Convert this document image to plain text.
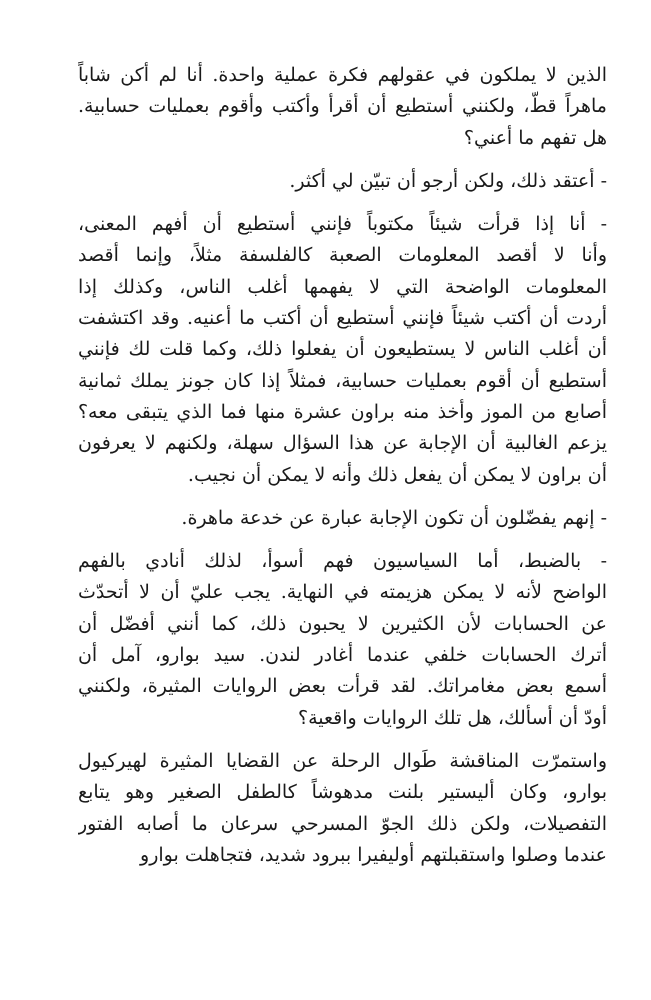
الذين لا يملكون في عقولهم فكرة عملية واحدة. أنا لم أكن شاباً
ماهراً قطّ، ولكنني أستطيع أن أقرأ وأكتب وأقوم بعمليات حسابية.
هل تفهم ما أعني؟
- أعتقد ذلك، ولكن أرجو أن تبيّن لي أكثر.
- أنا إذا قرأت شيئاً مكتوباً فإنني أستطيع أن أفهم المعنى،
وأنا لا أقصد المعلومات الصعبة كالفلسفة مثلاً، وإنما أقصد
المعلومات الواضحة التي لا يفهمها أغلب الناس، وكذلك إذا
أردت أن أكتب شيئاً فإنني أستطيع أن أكتب ما أعنيه. وقد اكتشفت
أن أغلب الناس لا يستطيعون أن يفعلوا ذلك، وكما قلت لك فإنني
أستطيع أن أقوم بعمليات حسابية، فمثلاً إذا كان جونز يملك ثمانية
أصابع من الموز وأخذ منه براون عشرة منها فما الذي يتبقى معه؟
يزعم الغالبية أن الإجابة عن هذا السؤال سهلة، ولكنهم لا يعرفون
أن براون لا يمكن أن يفعل ذلك وأنه لا يمكن أن نجيب.
- إنهم يفضّلون أن تكون الإجابة عبارة عن خدعة ماهرة.
- بالضبط، أما السياسيون فهم أسوأ، لذلك أنادي بالفهم
الواضح لأنه لا يمكن هزيمته في النهاية. يجب عليّ أن لا أتحدّث
عن الحسابات لأن الكثيرين لا يحبون ذلك، كما أنني أفضّل أن
أترك الحسابات خلفي عندما أغادر لندن. سيد بوارو، آمل أن
أسمع بعض مغامراتك. لقد قرأت بعض الروايات المثيرة، ولكنني
أودّ أن أسألك، هل تلك الروايات واقعية؟
واستمرّت المناقشة طَوال الرحلة عن القضايا المثيرة لهيركيول
بوارو، وكان أليستير بلنت مدهوشاً كالطفل الصغير وهو يتابع
التفصيلات، ولكن ذلك الجوّ المسرحي سرعان ما أصابه الفتور
عندما وصلوا واستقبلتهم أوليفيرا ببرود شديد، فتجاهلت بوارو
